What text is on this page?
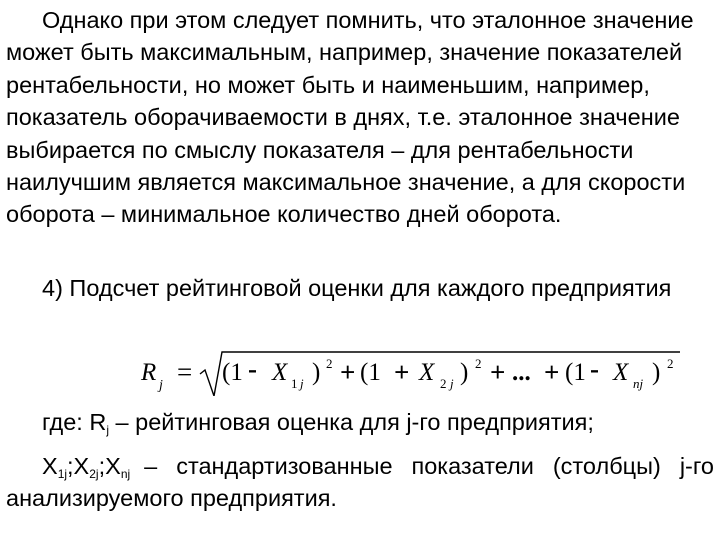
Однако при этом следует помнить, что эталонное значение может быть максимальным, например, значение показателей рентабельности, но может быть и наименьшим, например, показатель оборачиваемости в днях, т.е. эталонное значение выбирается по смыслу показателя – для рентабельности наилучшим является максимальное значение, а для скорости оборота – минимальное количество дней оборота.

4) Подсчет рейтинговой оценки для каждого предприятия

R j = (1 - X 1 j ) 2 + (1 + X 2 j ) 2 + ... + (1 - X nj ) 2

где: $R_j$ – рейтинговая оценка для j-го предприятия;

$X_{1j};X_{2j};X_{nj}$ – стандартизованные показатели (столбцы) j-го анализируемого предприятия.
